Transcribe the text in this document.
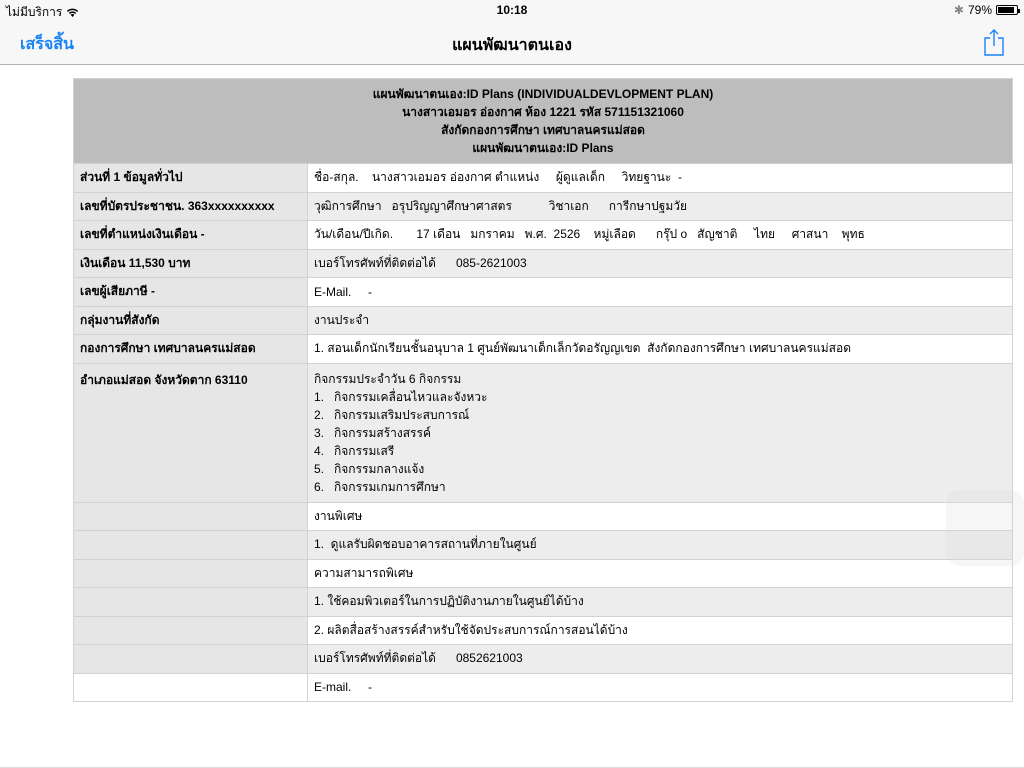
ไม่มีบริการ	10:18	✱ 79%
เสร็จสิ้น	แผนพัฒนาตนเอง
แผนพัฒนาตนเอง:ID Plans (INDIVIDUALDEVLOPMENT PLAN)
นางสาวเอมอร อ่องกาศ ห้อง 1221 รหัส 571151321060
สังกัดกองการศึกษา เทศบาลนครแม่สอด
แผนพัฒนาตนเอง:ID Plans	

ส่วนที่ 1 ข้อมูลทั่วไป	ชื่อ-สกุล.    นางสาวเอมอร อ่องกาศ ตำแหน่ง     ผู้ดูแลเด็ก     วิทยฐานะ  -
เลขที่บัตรประชาชน. 363xxxxxxxxxx	วุฒิการศึกษา   อรุปริญญาศึกษาศาสตร           วิชาเอก      การีกษาปฐมวัย
เลขที่ตำแหน่งเงินเดือน -	วัน/เดือน/ปีเกิด.       17 เดือน   มกราคม   พ.ศ.  2526    หมู่เลือด      กรุ๊ป o   สัญชาติ     ไทย     ศาสนา    พุทธ
เงินเดือน 11,530 บาท	เบอร์โทรศัพท์ที่ติดต่อได้      085-2621003
เลขผู้เสียภาษี -	E-Mail.     -
กลุ่มงานที่สังกัด	งานประจำ
กองการศึกษา เทศบาลนครแม่สอด	1. สอนเด็กนักเรียนชั้นอนุบาล 1 ศูนย์พัฒนาเด็กเล็กวัดอรัญญเขต  สังกัดกองการศึกษา เทศบาลนครแม่สอด
อำเภอแม่สอด จังหวัดตาก 63110	กิจกรรมประจำวัน 6 กิจกรรม
1. กิจกรรมเคลื่อนไหวและจังหวะ
2. กิจกรรมเสริมประสบการณ์
3. กิจกรรมสร้างสรรค์
4. กิจกรรมเสรี
5. กิจกรรมกลางแจ้ง
6. กิจกรรมเกมการศึกษา

	งานพิเศษ
	1.  ดูแลรับผิดชอบอาคารสถานที่ภายในศูนย์
	ความสามารถพิเศษ
	1. ใช้คอมพิวเตอร์ในการปฏิบัติงานภายในศูนย์ได้บ้าง
	2. ผลิตสื่อสร้างสรรค์สำหรับใช้จัดประสบการณ์การสอนได้บ้าง
	เบอร์โทรศัพท์ที่ติดต่อได้      0852621003
	E-mail.     -
